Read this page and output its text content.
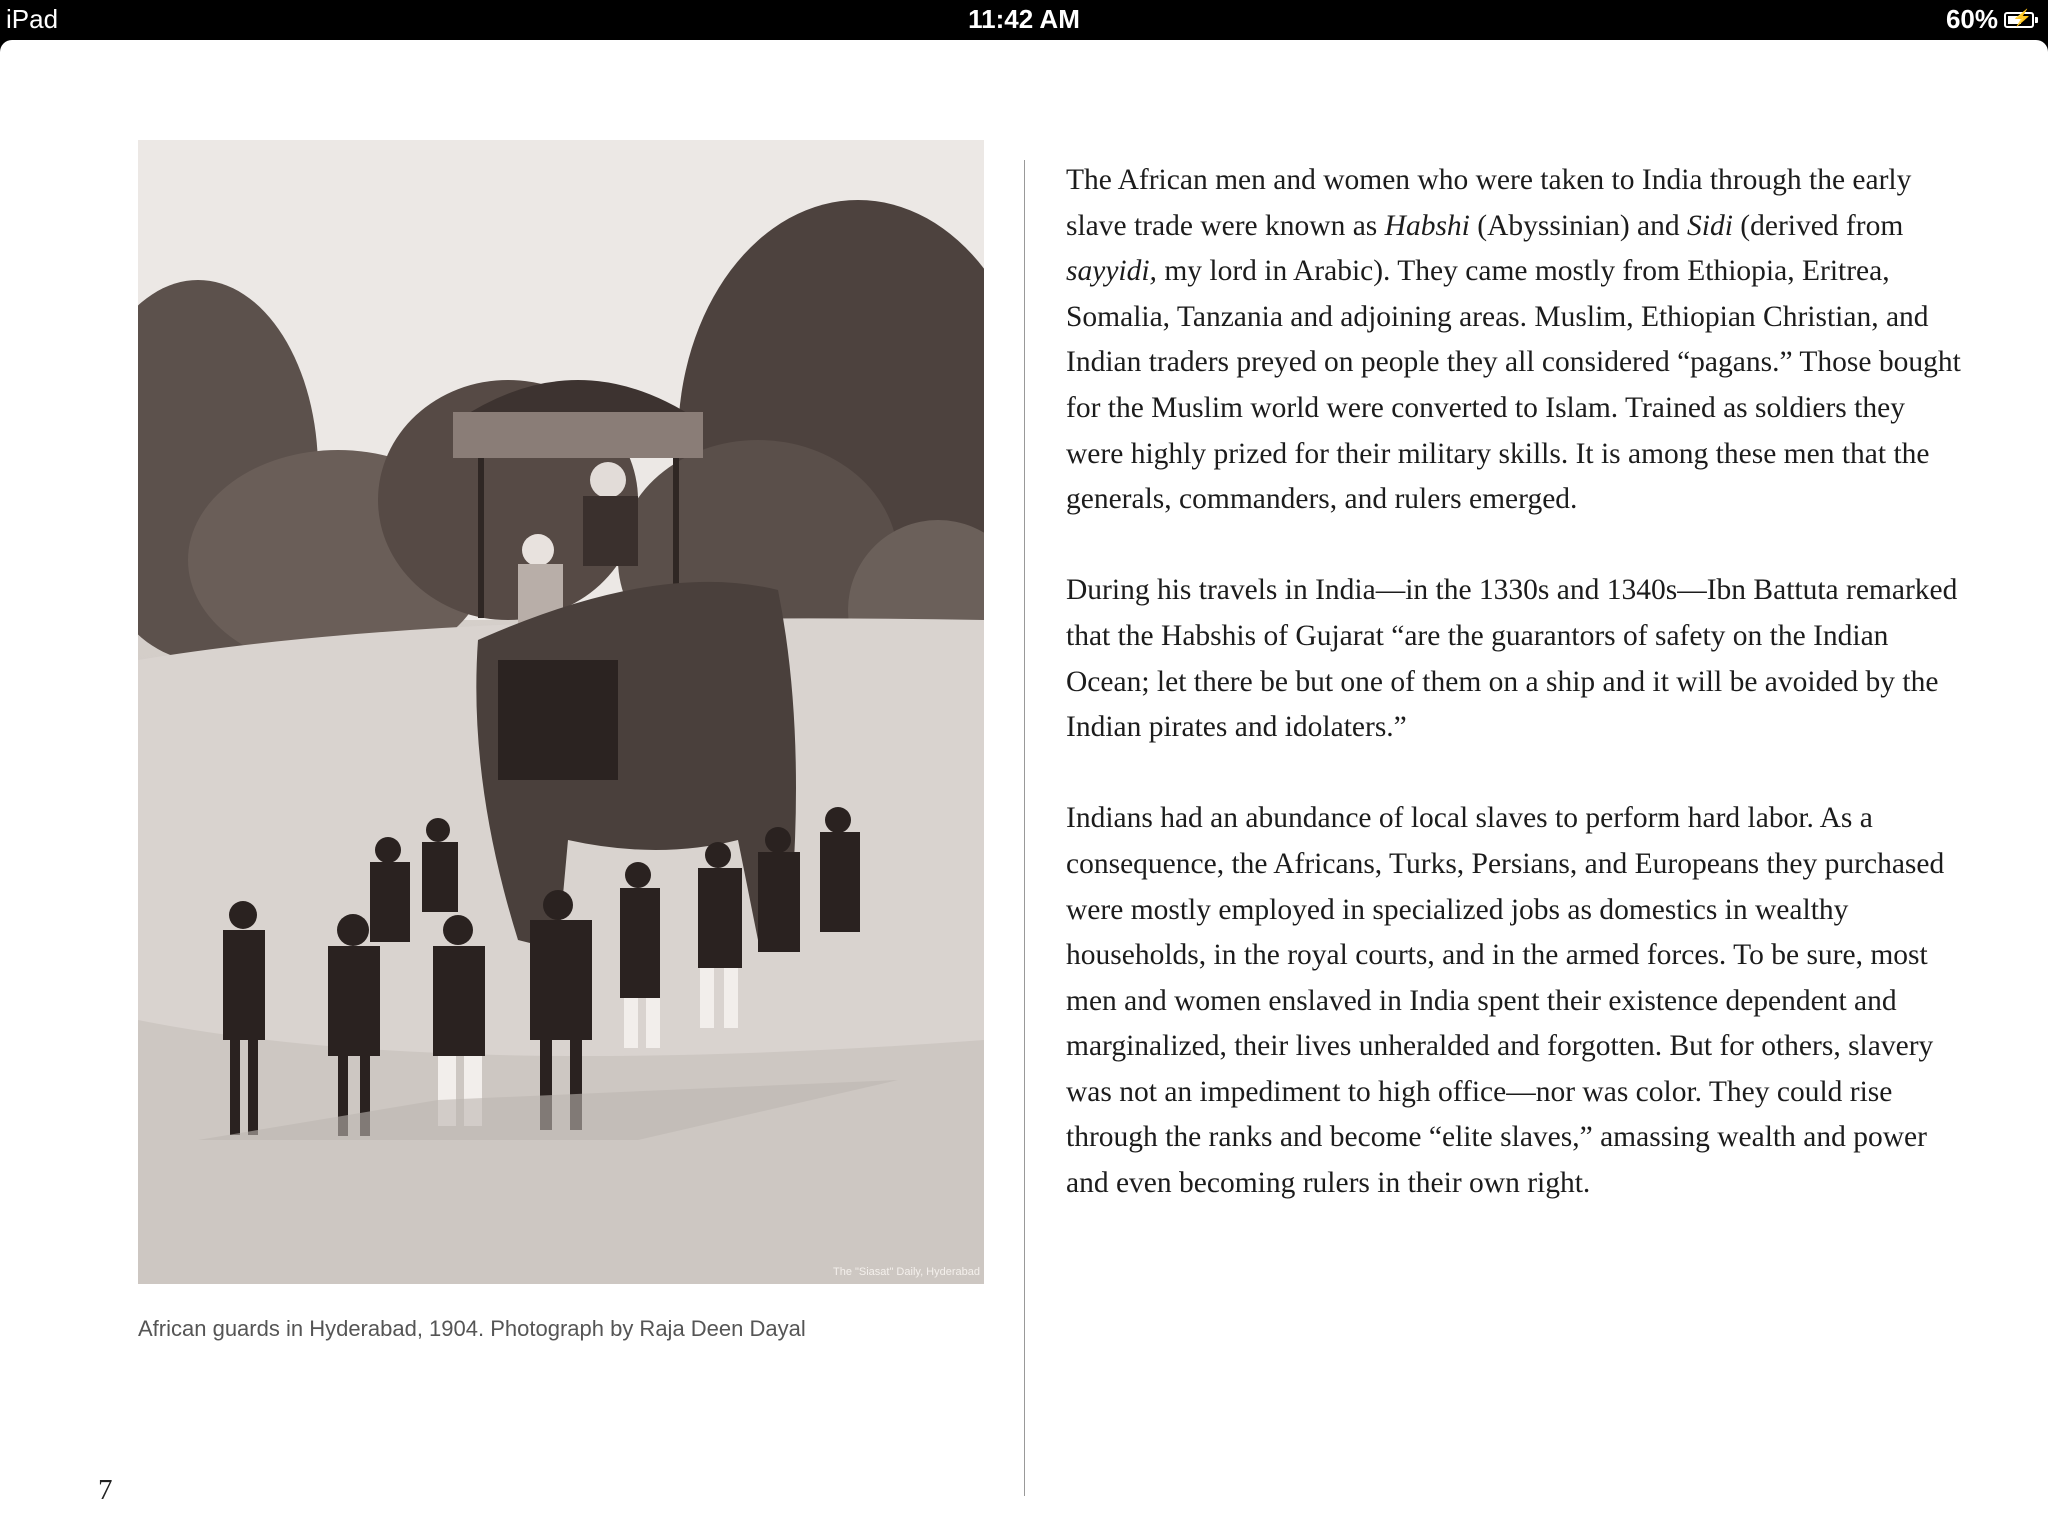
iPad	11:42 AM	60% ⚡
The "Siasat" Daily, Hyderabad
African guards in Hyderabad, 1904. Photograph by Raja Deen Dayal

The African men and women who were taken to India through the early slave trade were known as Habshi (Abyssinian) and Sidi (derived from sayyidi, my lord in Arabic). They came mostly from Ethiopia, Eritrea, Somalia, Tanzania and adjoining areas. Muslim, Ethiopian Christian, and Indian traders preyed on people they all considered “pagans.” Those bought for the Muslim world were converted to Islam. Trained as soldiers they were highly prized for their military skills. It is among these men that the generals, commanders, and rulers emerged.

During his travels in India—in the 1330s and 1340s—Ibn Battuta remarked that the Habshis of Gujarat “are the guarantors of safety on the Indian Ocean; let there be but one of them on a ship and it will be avoided by the Indian pirates and idolaters.”

Indians had an abundance of local slaves to perform hard labor. As a consequence, the Africans, Turks, Persians, and Europeans they purchased were mostly employed in specialized jobs as domestics in wealthy households, in the royal courts, and in the armed forces. To be sure, most men and women enslaved in India spent their existence dependent and marginalized, their lives unheralded and forgotten. But for others, slavery was not an impediment to high office—nor was color. They could rise through the ranks and become “elite slaves,” amassing wealth and power and even becoming rulers in their own right.

7
